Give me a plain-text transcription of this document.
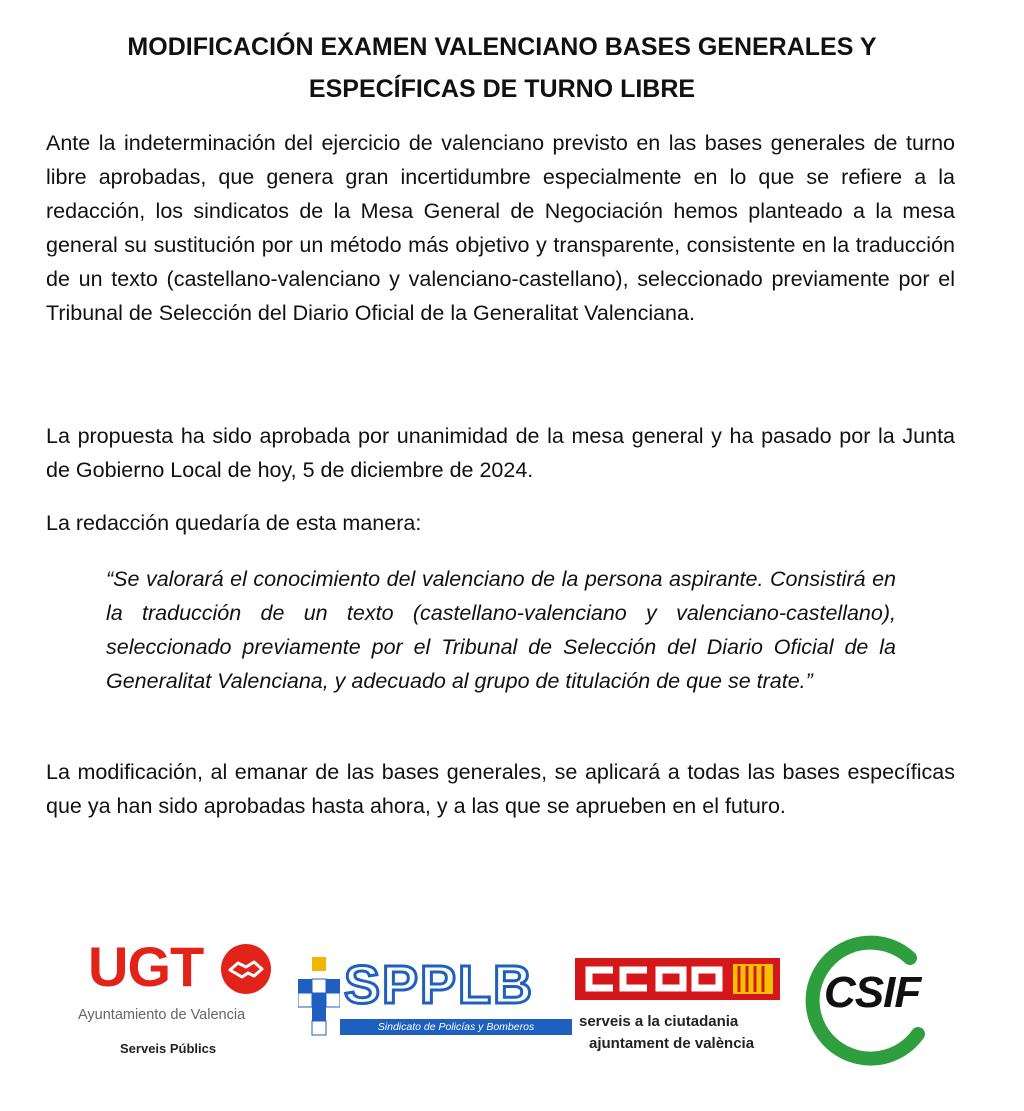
MODIFICACIÓN EXAMEN VALENCIANO BASES GENERALES Y
ESPECÍFICAS DE TURNO LIBRE
Ante la indeterminación del ejercicio de valenciano previsto en las bases generales de turno libre aprobadas, que genera gran incertidumbre especialmente en lo que se refiere a la redacción, los sindicatos de la Mesa General de Negociación hemos planteado a la mesa general su sustitución por un método más objetivo y transparente, consistente en la traducción de un texto (castellano-valenciano y valenciano-castellano), seleccionado previamente por el Tribunal de Selección del Diario Oficial de la Generalitat Valenciana.
La propuesta ha sido aprobada por unanimidad de la mesa general y ha pasado por la Junta de Gobierno Local de hoy, 5 de diciembre de 2024.
La redacción quedaría de esta manera:
“Se valorará el conocimiento del valenciano de la persona aspirante. Consistirá en la traducción de un texto (castellano-valenciano y valenciano-castellano), seleccionado previamente por el Tribunal de Selección del Diario Oficial de la Generalitat Valenciana, y adecuado al grupo de titulación de que se trate.”
La modificación, al emanar de las bases generales, se aplicará a todas las bases específicas que ya han sido aprobadas hasta ahora, y a las que se aprueben en el futuro.
UGT
Ayuntamiento de Valencia
Serveis Públics
SPPLB
Sindicato de Policías y Bomberos	serveis a la ciutadania
ajuntament de valència
CSIF
